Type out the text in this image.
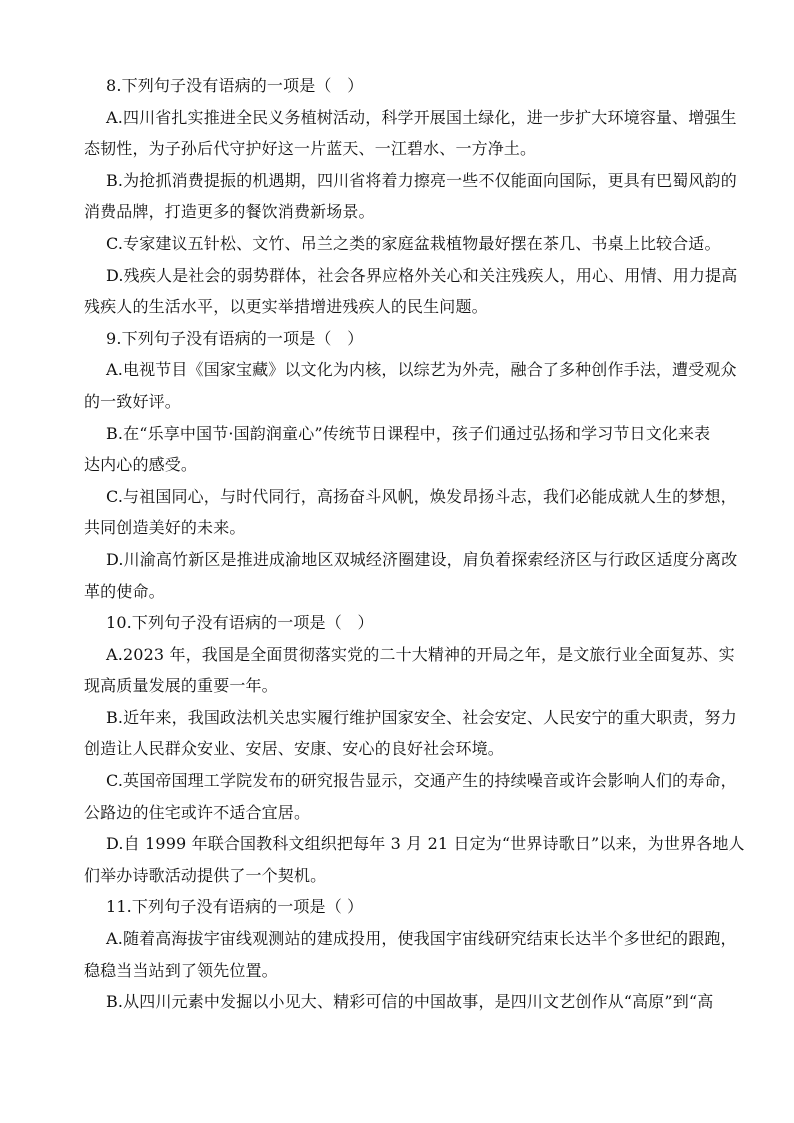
8.下列句子没有语病的一项是（   ）
A.四川省扎实推进全民义务植树活动，科学开展国土绿化，进一步扩大环境容量、增强生
态韧性，为子孙后代守护好这一片蓝天、一江碧水、一方净土。
B.为抢抓消费提振的机遇期，四川省将着力擦亮一些不仅能面向国际，更具有巴蜀风韵的
消费品牌，打造更多的餐饮消费新场景。
C.专家建议五针松、文竹、吊兰之类的家庭盆栽植物最好摆在茶几、书桌上比较合适。
D.残疾人是社会的弱势群体，社会各界应格外关心和关注残疾人，用心、用情、用力提高
残疾人的生活水平，以更实举措增进残疾人的民生问题。
9.下列句子没有语病的一项是（   ）
A.电视节目《国家宝藏》以文化为内核，以综艺为外壳，融合了多种创作手法，遭受观众
的一致好评。
B.在“乐享中国节·国韵润童心”传统节日课程中，孩子们通过弘扬和学习节日文化来表
达内心的感受。
C.与祖国同心，与时代同行，高扬奋斗风帆，焕发昂扬斗志，我们必能成就人生的梦想，
共同创造美好的未来。
D.川渝高竹新区是推进成渝地区双城经济圈建设，肩负着探索经济区与行政区适度分离改
革的使命。
10.下列句子没有语病的一项是（   ）
A.2023 年，我国是全面贯彻落实党的二十大精神的开局之年，是文旅行业全面复苏、实
现高质量发展的重要一年。
B.近年来，我国政法机关忠实履行维护国家安全、社会安定、人民安宁的重大职责，努力
创造让人民群众安业、安居、安康、安心的良好社会环境。
C.英国帝国理工学院发布的研究报告显示，交通产生的持续噪音或许会影响人们的寿命，
公路边的住宅或许不适合宜居。
D.自 1999 年联合国教科文组织把每年 3 月 21 日定为“世界诗歌日”以来，为世界各地人
们举办诗歌活动提供了一个契机。
11.下列句子没有语病的一项是（ ）
A.随着高海拔宇宙线观测站的建成投用，使我国宇宙线研究结束长达半个多世纪的跟跑，
稳稳当当站到了领先位置。
B.从四川元素中发掘以小见大、精彩可信的中国故事，是四川文艺创作从“高原”到“高
